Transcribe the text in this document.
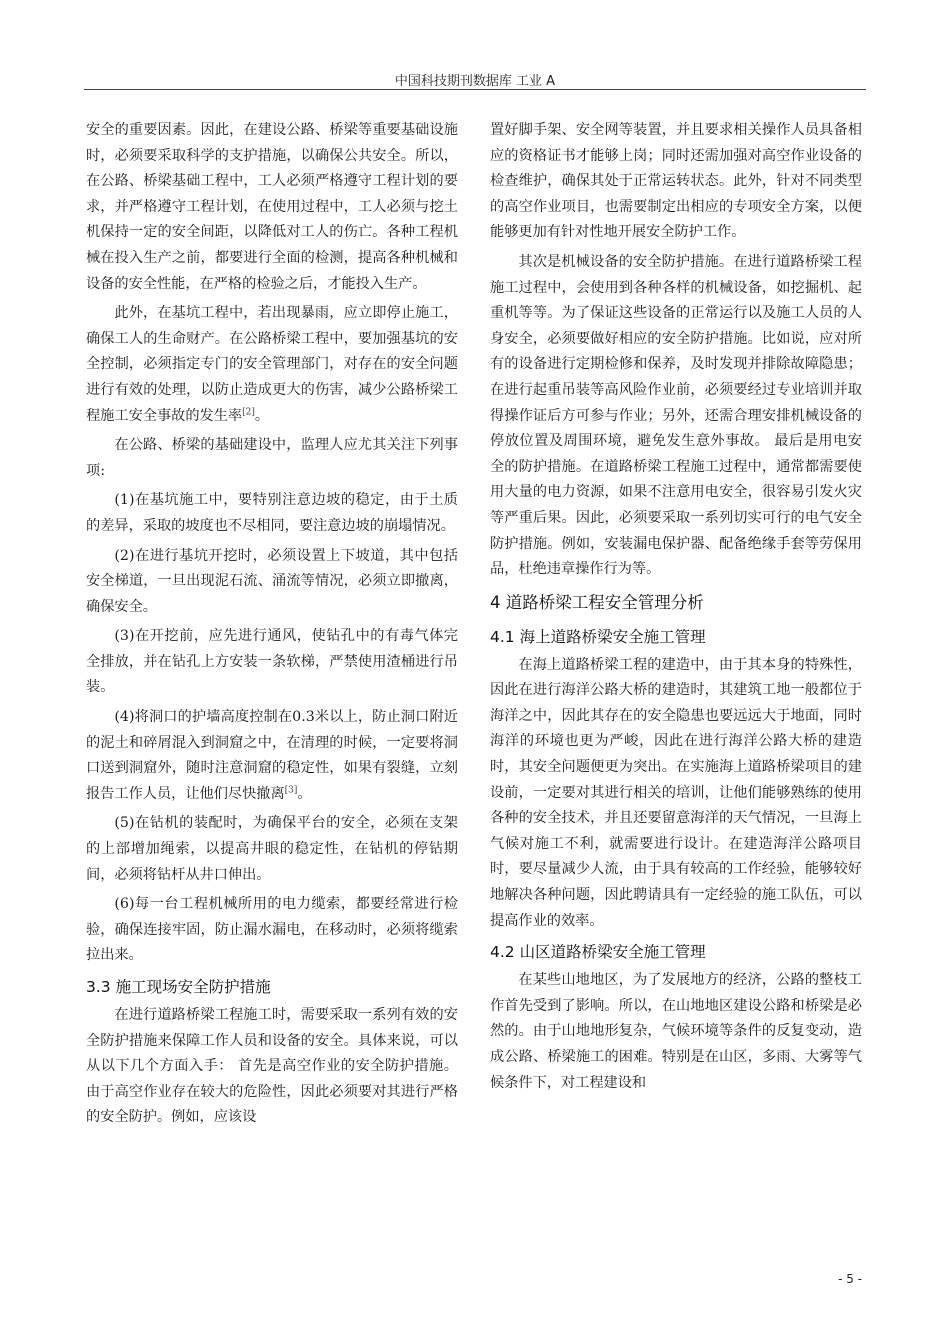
中国科技期刊数据库 工业 A

安全的重要因素。因此，在建设公路、桥梁等重要基础设施时，必须要采取科学的支护措施，以确保公共安全。所以，在公路、桥梁基础工程中，工人必须严格遵守工程计划的要求，并严格遵守工程计划，在使用过程中，工人必须与挖土机保持一定的安全间距，以降低对工人的伤亡。各种工程机械在投入生产之前，都要进行全面的检测，提高各种机械和设备的安全性能，在严格的检验之后，才能投入生产。

此外，在基坑工程中，若出现暴雨，应立即停止施工，确保工人的生命财产。在公路桥梁工程中，要加强基坑的安全控制，必须指定专门的安全管理部门，对存在的安全问题进行有效的处理，以防止造成更大的伤害，减少公路桥梁工程施工安全事故的发生率[2]。

在公路、桥梁的基础建设中，监理人应尤其关注下列事项:

(1)在基坑施工中，要特别注意边坡的稳定，由于土质的差异，采取的坡度也不尽相同，要注意边坡的崩塌情况。

(2)在进行基坑开挖时，必须设置上下坡道，其中包括安全梯道，一旦出现泥石流、涌流等情况，必须立即撤离，确保安全。

(3)在开挖前，应先进行通风，使钻孔中的有毒气体完全排放，并在钻孔上方安装一条软梯，严禁使用渣桶进行吊装。

(4)将洞口的护墙高度控制在0.3米以上，防止洞口附近的泥土和碎屑混入到洞窟之中，在清理的时候，一定要将洞口送到洞窟外，随时注意洞窟的稳定性，如果有裂缝，立刻报告工作人员，让他们尽快撤离[3]。

(5)在钻机的装配时，为确保平台的安全，必须在支架的上部增加绳索，以提高井眼的稳定性，在钻机的停钻期间，必须将钻杆从井口伸出。

(6)每一台工程机械所用的电力缆索，都要经常进行检验，确保连接牢固，防止漏水漏电，在移动时，必须将缆索拉出来。

3.3 施工现场安全防护措施

在进行道路桥梁工程施工时，需要采取一系列有效的安全防护措施来保障工作人员和设备的安全。具体来说，可以从以下几个方面入手： 首先是高空作业的安全防护措施。由于高空作业存在较大的危险性，因此必须要对其进行严格的安全防护。例如，应该设

置好脚手架、安全网等装置，并且要求相关操作人员具备相应的资格证书才能够上岗；同时还需加强对高空作业设备的检查维护，确保其处于正常运转状态。此外，针对不同类型的高空作业项目，也需要制定出相应的专项安全方案，以便能够更加有针对性地开展安全防护工作。

其次是机械设备的安全防护措施。在进行道路桥梁工程施工过程中，会使用到各种各样的机械设备，如挖掘机、起重机等等。为了保证这些设备的正常运行以及施工人员的人身安全，必须要做好相应的安全防护措施。比如说，应对所有的设备进行定期检修和保养，及时发现并排除故障隐患；在进行起重吊装等高风险作业前，必须要经过专业培训并取得操作证后方可参与作业；另外，还需合理安排机械设备的停放位置及周围环境，避免发生意外事故。 最后是用电安全的防护措施。在道路桥梁工程施工过程中，通常都需要使用大量的电力资源，如果不注意用电安全，很容易引发火灾等严重后果。因此，必须要采取一系列切实可行的电气安全防护措施。例如，安装漏电保护器、配备绝缘手套等劳保用品，杜绝违章操作行为等。

4 道路桥梁工程安全管理分析
4.1 海上道路桥梁安全施工管理

在海上道路桥梁工程的建造中，由于其本身的特殊性，因此在进行海洋公路大桥的建造时，其建筑工地一般都位于海洋之中，因此其存在的安全隐患也要远远大于地面，同时海洋的环境也更为严峻，因此在进行海洋公路大桥的建造时，其安全问题便更为突出。在实施海上道路桥梁项目的建设前，一定要对其进行相关的培训，让他们能够熟练的使用各种的安全技术，并且还要留意海洋的天气情况，一旦海上气候对施工不利，就需要进行设计。在建造海洋公路项目时，要尽量减少人流，由于具有较高的工作经验，能够较好地解决各种问题，因此聘请具有一定经验的施工队伍，可以提高作业的效率。

4.2 山区道路桥梁安全施工管理

在某些山地地区，为了发展地方的经济，公路的整枝工作首先受到了影响。所以，在山地地区建设公路和桥梁是必然的。由于山地地形复杂，气候环境等条件的反复变动，造成公路、桥梁施工的困难。特别是在山区，多雨、大雾等气候条件下，对工程建设和

- 5 -
